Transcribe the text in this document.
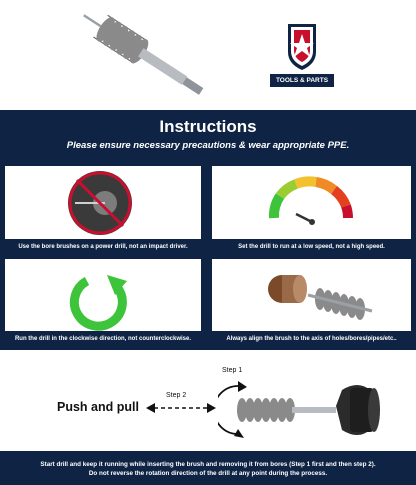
TOOLS & PARTS
Instructions
Please ensure necessary precautions & wear appropriate PPE.
Use the bore brushes on a power drill, not an impact driver.	Set the drill to run at a low speed, not a high speed.
Run the drill in the clockwise direction, not counterclockwise.	Always align the brush to the axis of holes/bores/pipes/etc..
Push and pull
Step 2
Step 1
Start drill and keep it running while inserting the brush and removing it from bores (Step 1 first and then step 2).
Do not reverse the rotation direction of the drill at any point during the process.
